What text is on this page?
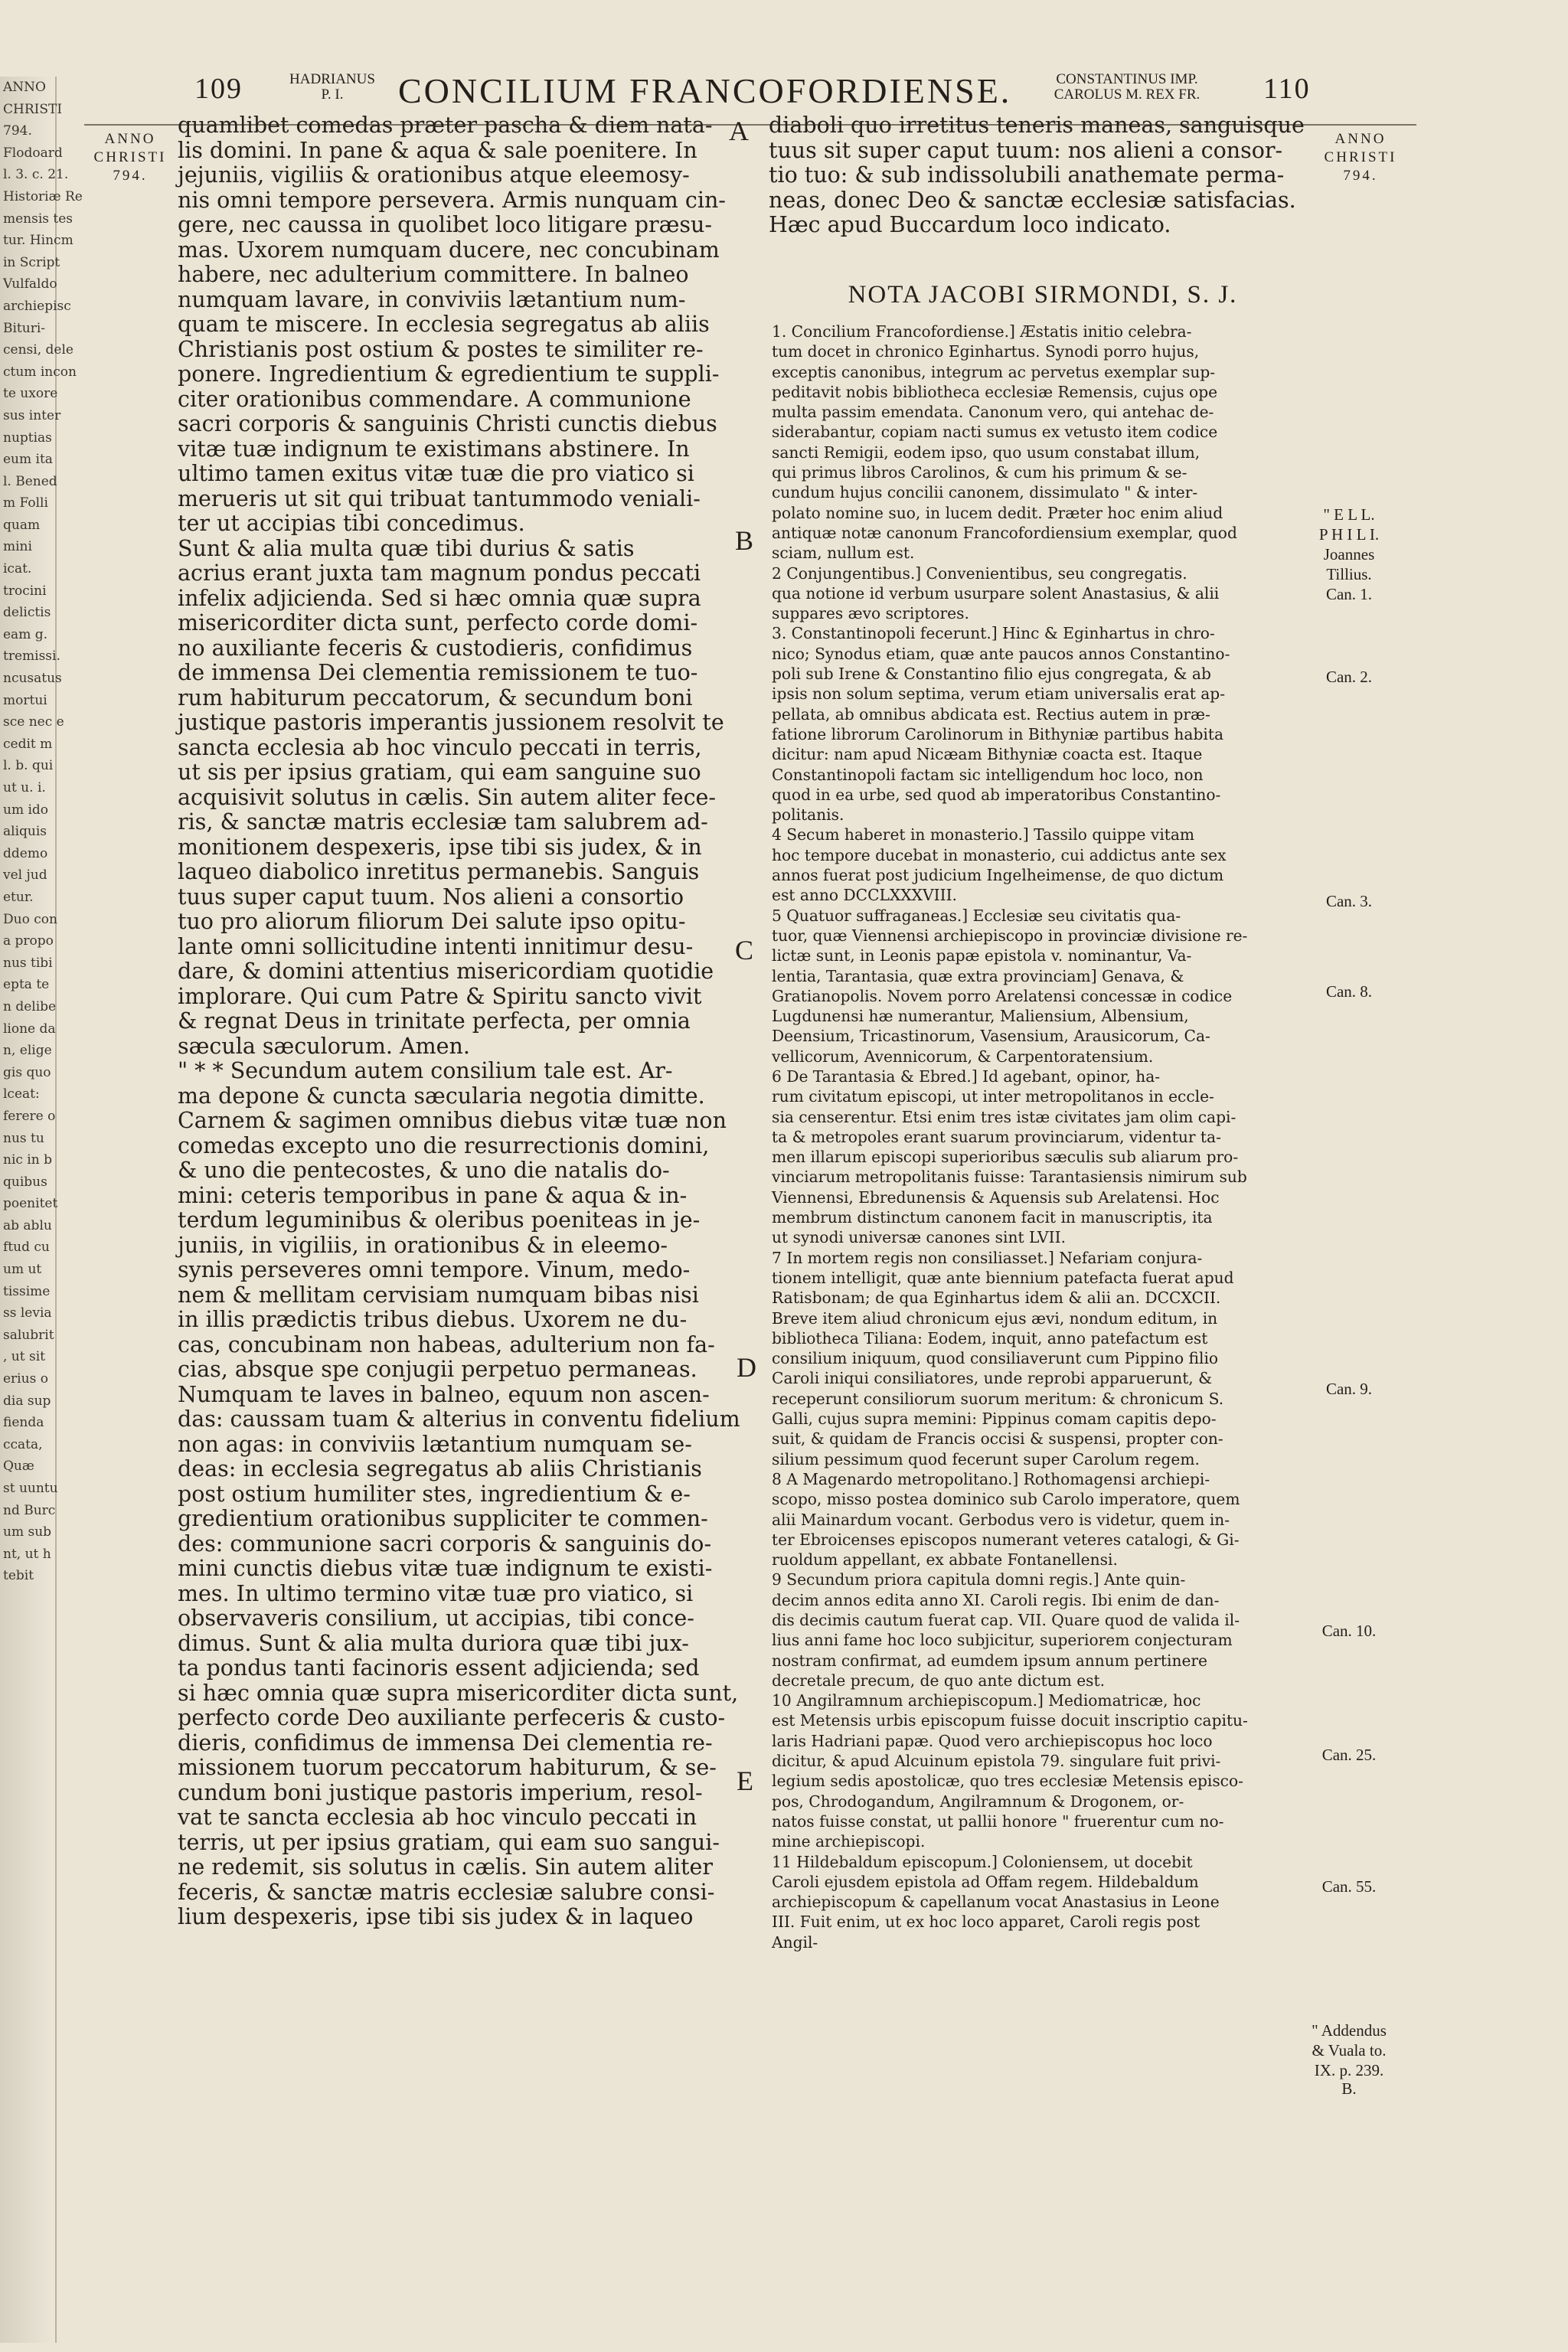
ANNO
CHRISTI
794.
Flodoard
l. 3. c. 21.
Historiæ Re
mensis tes
tur. Hincm
in Script
Vulfaldo
archiepisc
Bituri-
censi, dele
ctum incon
te uxore
sus inter
nuptias
eum ita
l. Bened
m Folli
quam
mini
icat.
trocini
delictis
eam g.
tremissi.
ncusatus
mortui
sce nec e
cedit m
l. b. qui
ut u. i.
um ido
aliquis
ddemo
vel jud
etur.
Duo con
a propo
nus tibi
epta te
n delibe
lione da
n, elige
gis quo
lceat:
ferere o
nus tu
nic in b
quibus
poenitet
ab ablu
ftud cu
um ut
tissime
ss levia
salubrit
, ut sit
erius o
dia sup
fienda
ccata,
Quæ
st uuntu
nd Burc
um sub
nt, ut h
tebit
109	HADRIANUS
P. I.	CONCILIUM FRANCOFORDIENSE.	CONSTANTINUS IMP.
CAROLUS M. REX FR.	110
ANNO
CHRISTI
794.
ANNO
CHRISTI
794.
quamlibet comedas præter pascha & diem nata-
lis domini. In pane & aqua & sale poenitere. In
jejuniis, vigiliis & orationibus atque eleemosy-
nis omni tempore persevera. Armis nunquam cin-
gere, nec caussa in quolibet loco litigare præsu-
mas. Uxorem numquam ducere, nec concubinam
habere, nec adulterium committere. In balneo
numquam lavare, in conviviis lætantium num-
quam te miscere. In ecclesia segregatus ab aliis
Christianis post ostium & postes te similiter re-
ponere. Ingredientium & egredientium te suppli-
citer orationibus commendare. A communione
sacri corporis & sanguinis Christi cunctis diebus
vitæ tuæ indignum te existimans abstinere. In
ultimo tamen exitus vitæ tuæ die pro viatico si
merueris ut sit qui tribuat tantummodo veniali-
ter ut accipias tibi concedimus.
Sunt & alia multa quæ tibi durius & satis
acrius erant juxta tam magnum pondus peccati
infelix adjicienda. Sed si hæc omnia quæ supra
misericorditer dicta sunt, perfecto corde domi-
no auxiliante feceris & custodieris, confidimus
de immensa Dei clementia remissionem te tuo-
rum habiturum peccatorum, & secundum boni
justique pastoris imperantis jussionem resolvit te
sancta ecclesia ab hoc vinculo peccati in terris,
ut sis per ipsius gratiam, qui eam sanguine suo
acquisivit solutus in cælis. Sin autem aliter fece-
ris, & sanctæ matris ecclesiæ tam salubrem ad-
monitionem despexeris, ipse tibi sis judex, & in
laqueo diabolico inretitus permanebis. Sanguis
tuus super caput tuum. Nos alieni a consortio
tuo pro aliorum filiorum Dei salute ipso opitu-
lante omni sollicitudine intenti innitimur desu-
dare, & domini attentius misericordiam quotidie
implorare. Qui cum Patre & Spiritu sancto vivit
& regnat Deus in trinitate perfecta, per omnia
sæcula sæculorum. Amen.
" * * Secundum autem consilium tale est. Ar-
ma depone & cuncta sæcularia negotia dimitte.
Carnem & sagimen omnibus diebus vitæ tuæ non
comedas excepto uno die resurrectionis domini,
& uno die pentecostes, & uno die natalis do-
mini: ceteris temporibus in pane & aqua & in-
terdum leguminibus & oleribus poeniteas in je-
juniis, in vigiliis, in orationibus & in eleemo-
synis perseveres omni tempore. Vinum, medo-
nem & mellitam cervisiam numquam bibas nisi
in illis prædictis tribus diebus. Uxorem ne du-
cas, concubinam non habeas, adulterium non fa-
cias, absque spe conjugii perpetuo permaneas.
Numquam te laves in balneo, equum non ascen-
das: caussam tuam & alterius in conventu fidelium
non agas: in conviviis lætantium numquam se-
deas: in ecclesia segregatus ab aliis Christianis
post ostium humiliter stes, ingredientium & e-
gredientium orationibus suppliciter te commen-
des: communione sacri corporis & sanguinis do-
mini cunctis diebus vitæ tuæ indignum te existi-
mes. In ultimo termino vitæ tuæ pro viatico, si
observaveris consilium, ut accipias, tibi conce-
dimus. Sunt & alia multa duriora quæ tibi jux-
ta pondus tanti facinoris essent adjicienda; sed
si hæc omnia quæ supra misericorditer dicta sunt,
perfecto corde Deo auxiliante perfeceris & custo-
dieris, confidimus de immensa Dei clementia re-
missionem tuorum peccatorum habiturum, & se-
cundum boni justique pastoris imperium, resol-
vat te sancta ecclesia ab hoc vinculo peccati in
terris, ut per ipsius gratiam, qui eam suo sangui-
ne redemit, sis solutus in cælis. Sin autem aliter
feceris, & sanctæ matris ecclesiæ salubre consi-
lium despexeris, ipse tibi sis judex & in laqueo
A
B
C
D
E
diaboli quo irretitus teneris maneas, sanguisque
tuus sit super caput tuum: nos alieni a consor-
tio tuo: & sub indissolubili anathemate perma-
neas, donec Deo & sanctæ ecclesiæ satisfacias.
Hæc apud Buccardum loco indicato.
NOTA JACOBI SIRMONDI, S. J.
1. Concilium Francofordiense.] Æstatis initio celebra-
tum docet in chronico Eginhartus. Synodi porro hujus,
exceptis canonibus, integrum ac pervetus exemplar sup-
peditavit nobis bibliotheca ecclesiæ Remensis, cujus ope
multa passim emendata. Canonum vero, qui antehac de-
siderabantur, copiam nacti sumus ex vetusto item codice
sancti Remigii, eodem ipso, quo usum constabat illum,
qui primus libros Carolinos, & cum his primum & se-
cundum hujus concilii canonem, dissimulato " & inter-
polato nomine suo, in lucem dedit. Præter hoc enim aliud
antiquæ notæ canonum Francofordiensium exemplar, quod
sciam, nullum est.
2 Conjungentibus.] Convenientibus, seu congregatis.
qua notione id verbum usurpare solent Anastasius, & alii
suppares ævo scriptores.
3. Constantinopoli fecerunt.] Hinc & Eginhartus in chro-
nico; Synodus etiam, quæ ante paucos annos Constantino-
poli sub Irene & Constantino filio ejus congregata, & ab
ipsis non solum septima, verum etiam universalis erat ap-
pellata, ab omnibus abdicata est. Rectius autem in præ-
fatione librorum Carolinorum in Bithyniæ partibus habita
dicitur: nam apud Nicæam Bithyniæ coacta est. Itaque
Constantinopoli factam sic intelligendum hoc loco, non
quod in ea urbe, sed quod ab imperatoribus Constantino-
politanis.
4 Secum haberet in monasterio.] Tassilo quippe vitam
hoc tempore ducebat in monasterio, cui addictus ante sex
annos fuerat post judicium Ingelheimense, de quo dictum
est anno DCCLXXXVIII.
5 Quatuor suffraganeas.] Ecclesiæ seu civitatis qua-
tuor, quæ Viennensi archiepiscopo in provinciæ divisione re-
lictæ sunt, in Leonis papæ epistola v. nominantur, Va-
lentia, Tarantasia, quæ extra provinciam] Genava, &
Gratianopolis. Novem porro Arelatensi concessæ in codice
Lugdunensi hæ numerantur, Maliensium, Albensium,
Deensium, Tricastinorum, Vasensium, Arausicorum, Ca-
vellicorum, Avennicorum, & Carpentoratensium.
6 De Tarantasia & Ebred.] Id agebant, opinor, ha-
rum civitatum episcopi, ut inter metropolitanos in eccle-
sia censerentur. Etsi enim tres istæ civitates jam olim capi-
ta & metropoles erant suarum provinciarum, videntur ta-
men illarum episcopi superioribus sæculis sub aliarum pro-
vinciarum metropolitanis fuisse: Tarantasiensis nimirum sub
Viennensi, Ebredunensis & Aquensis sub Arelatensi. Hoc
membrum distinctum canonem facit in manuscriptis, ita
ut synodi universæ canones sint LVII.
7 In mortem regis non consiliasset.] Nefariam conjura-
tionem intelligit, quæ ante biennium patefacta fuerat apud
Ratisbonam; de qua Eginhartus idem & alii an. DCCXCII.
Breve item aliud chronicum ejus ævi, nondum editum, in
bibliotheca Tiliana: Eodem, inquit, anno patefactum est
consilium iniquum, quod consiliaverunt cum Pippino filio
Caroli iniqui consiliatores, unde reprobi apparuerunt, &
receperunt consiliorum suorum meritum: & chronicum S.
Galli, cujus supra memini: Pippinus comam capitis depo-
suit, & quidam de Francis occisi & suspensi, propter con-
silium pessimum quod fecerunt super Carolum regem.
8 A Magenardo metropolitano.] Rothomagensi archiepi-
scopo, misso postea dominico sub Carolo imperatore, quem
alii Mainardum vocant. Gerbodus vero is videtur, quem in-
ter Ebroicenses episcopos numerant veteres catalogi, & Gi-
ruoldum appellant, ex abbate Fontanellensi.
9 Secundum priora capitula domni regis.] Ante quin-
decim annos edita anno XI. Caroli regis. Ibi enim de dan-
dis decimis cautum fuerat cap. VII. Quare quod de valida il-
lius anni fame hoc loco subjicitur, superiorem conjecturam
nostram confirmat, ad eumdem ipsum annum pertinere
decretale precum, de quo ante dictum est.
10 Angilramnum archiepiscopum.] Mediomatricæ, hoc
est Metensis urbis episcopum fuisse docuit inscriptio capitu-
laris Hadriani papæ. Quod vero archiepiscopus hoc loco
dicitur, & apud Alcuinum epistola 79. singulare fuit privi-
legium sedis apostolicæ, quo tres ecclesiæ Metensis episco-
pos, Chrodogandum, Angilramnum & Drogonem, or-
natos fuisse constat, ut pallii honore " fruerentur cum no-
mine archiepiscopi.
11 Hildebaldum episcopum.] Coloniensem, ut docebit
Caroli ejusdem epistola ad Offam regem. Hildebaldum
archiepiscopum & capellanum vocat Anastasius in Leone
III. Fuit enim, ut ex hoc loco apparet, Caroli regis post
Angil-
" E L L.
P H I L I.
Joannes
Tillius.
Can. 1.
Can. 2.
Can. 3.
Can. 8.
Can. 9.
Can. 10.
Can. 25.
Can. 55.
" Addendus
& Vuala to.
IX. p. 239. B.
